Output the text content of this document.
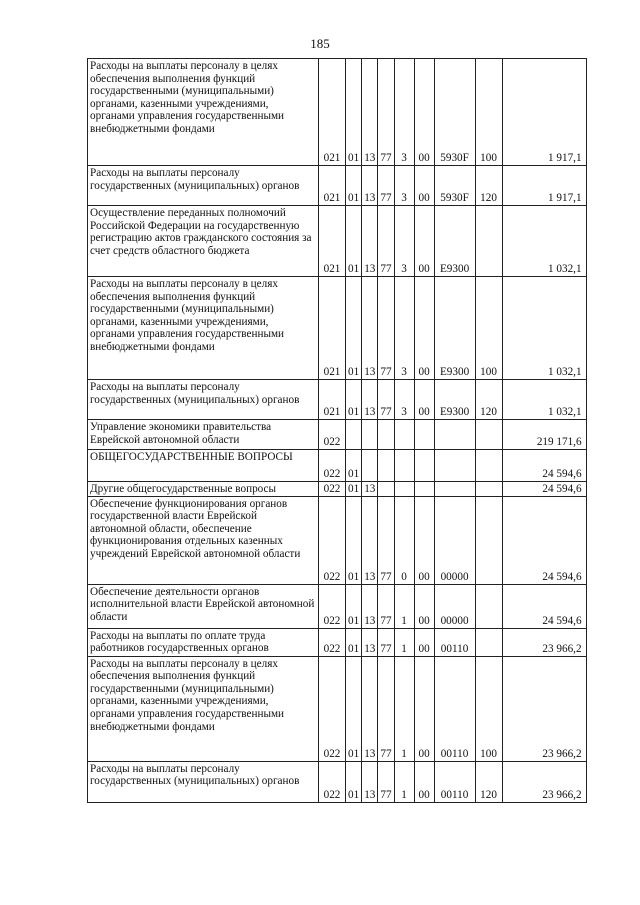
185
Расходы на выплаты персоналу в целях обеспечения выполнения функций государственными (муниципальными) органами, казенными учреждениями, органами управления государственными внебюджетными фондами	021	01	13	77	3	00	5930F	100	1 917,1
Расходы на выплаты персоналу государственных (муниципальных) органов	021	01	13	77	3	00	5930F	120	1 917,1
Осуществление переданных полномочий Российской Федерации на государственную регистрацию актов гражданского состояния за счет средств областного бюджета	021	01	13	77	3	00	E9300		1 032,1
Расходы на выплаты персоналу в целях обеспечения выполнения функций государственными (муниципальными) органами, казенными учреждениями, органами управления государственными внебюджетными фондами	021	01	13	77	3	00	E9300	100	1 032,1
Расходы на выплаты персоналу государственных (муниципальных) органов	021	01	13	77	3	00	E9300	120	1 032,1
Управление экономики правительства Еврейской автономной области	022								219 171,6
ОБЩЕГОСУДАРСТВЕННЫЕ ВОПРОСЫ	022	01							24 594,6
Другие общегосударственные вопросы	022	01	13						24 594,6
Обеспечение функционирования органов государственной власти Еврейской автономной области, обеспечение функционирования отдельных казенных учреждений Еврейской автономной области	022	01	13	77	0	00	00000		24 594,6
Обеспечение деятельности органов исполнительной власти Еврейской автономной области	022	01	13	77	1	00	00000		24 594,6
Расходы на выплаты по оплате труда работников государственных органов	022	01	13	77	1	00	00110		23 966,2
Расходы на выплаты персоналу в целях обеспечения выполнения функций государственными (муниципальными) органами, казенными учреждениями, органами управления государственными внебюджетными фондами	022	01	13	77	1	00	00110	100	23 966,2
Расходы на выплаты персоналу государственных (муниципальных) органов	022	01	13	77	1	00	00110	120	23 966,2
